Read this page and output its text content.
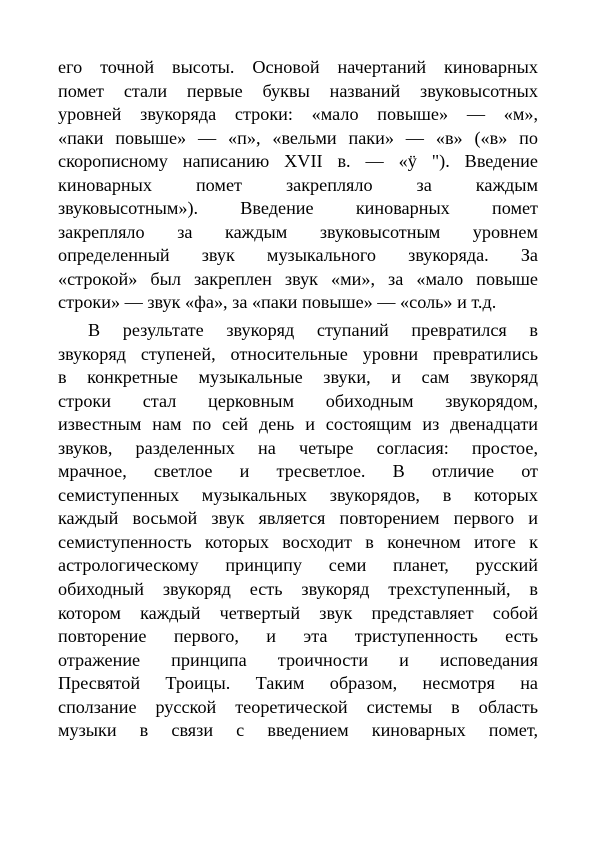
его точной высоты. Основой начертаний киноварных
помет стали первые буквы названий звуковысотных
уровней звукоряда строки: «мало повыше» — «м»,
«паки повыше» — «п», «вельми паки» — «в» («в» по
скорописному написанию XVII в. — «ÿ "). Введение
киноварных помет закрепляло за каждым
звуковысотным»). Введение киноварных помет
закрепляло за каждым звуковысотным уровнем
определенный звук музыкального звукоряда. За
«строкой» был закреплен звук «ми», за «мало повыше
строки» — звук «фа», за «паки повыше» — «соль» и т.д.
В результате звукоряд ступаний превратился в
звукоряд ступеней, относительные уровни превратились
в конкретные музыкальные звуки, и сам звукоряд
строки стал церковным обиходным звукорядом,
известным нам по сей день и состоящим из двенадцати
звуков, разделенных на четыре согласия: простое,
мрачное, светлое и тресветлое. В отличие от
семиступенных музыкальных звукорядов, в которых
каждый восьмой звук является повторением первого и
семиступенность которых восходит в конечном итоге к
астрологическому принципу семи планет, русский
обиходный звукоряд есть звукоряд трехступенный, в
котором каждый четвертый звук представляет собой
повторение первого, и эта триступенность есть
отражение принципа троичности и исповедания
Пресвятой Троицы. Таким образом, несмотря на
сползание русской теоретической системы в область
музыки в связи с введением киноварных помет,
